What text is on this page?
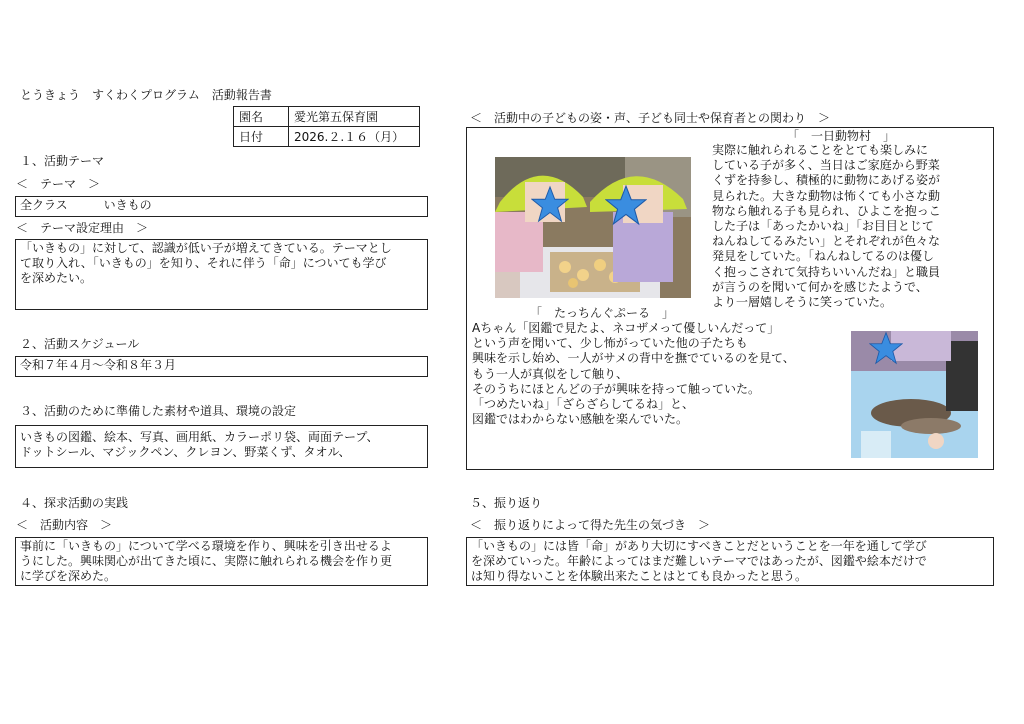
とうきょう　すくわくプログラム　活動報告書
園名	愛光第五保育園
日付	2026.２.１６（月）
１、活動テーマ
＜　テーマ　＞
全クラス　　　いきもの
＜　テーマ設定理由　＞
「いきもの」に対して、認識が低い子が増えてきている。テーマとし
て取り入れ、「いきもの」を知り、それに伴う「命」についても学び
を深めたい。
２、活動スケジュール
令和７年４月～令和８年３月
３、活動のために準備した素材や道具、環境の設定
いきもの図鑑、絵本、写真、画用紙、カラーポリ袋、両面テープ、
ドットシール、マジックペン、クレヨン、野菜くず、タオル、
４、探求活動の実践
＜　活動内容　＞
事前に「いきもの」について学べる環境を作り、興味を引き出せるよ
うにした。興味関心が出てきた頃に、実際に触れられる機会を作り更
に学びを深めた。
＜　活動中の子どもの姿・声、子ども同士や保育者との関わり　＞
「　一日動物村　」
実際に触れられることをとても楽しみに
している子が多く、当日はご家庭から野菜
くずを持参し、積極的に動物にあげる姿が
見られた。大きな動物は怖くても小さな動
物なら触れる子も見られ、ひよこを抱っこ
した子は「あったかいね」「お目目とじて
ねんねしてるみたい」とそれぞれが色々な
発見をしていた。「ねんねしてるのは優し
く抱っこされて気持ちいいんだね」と職員
が言うのを聞いて何かを感じたようで、
より一層嬉しそうに笑っていた。
「　たっちんぐぷーる　」
Aちゃん「図鑑で見たよ、ネコザメって優しいんだって」
という声を聞いて、少し怖がっていた他の子たちも
興味を示し始め、一人がサメの背中を撫でているのを見て、
もう一人が真似をして触り、
そのうちにほとんどの子が興味を持って触っていた。
「つめたいね」「ざらざらしてるね」と、
図鑑ではわからない感触を楽んでいた。
５、振り返り
＜　振り返りによって得た先生の気づき　＞
「いきもの」には皆「命」があり大切にすべきことだということを一年を通して学び
を深めていった。年齢によってはまだ難しいテーマではあったが、図鑑や絵本だけで
は知り得ないことを体験出来たことはとても良かったと思う。
